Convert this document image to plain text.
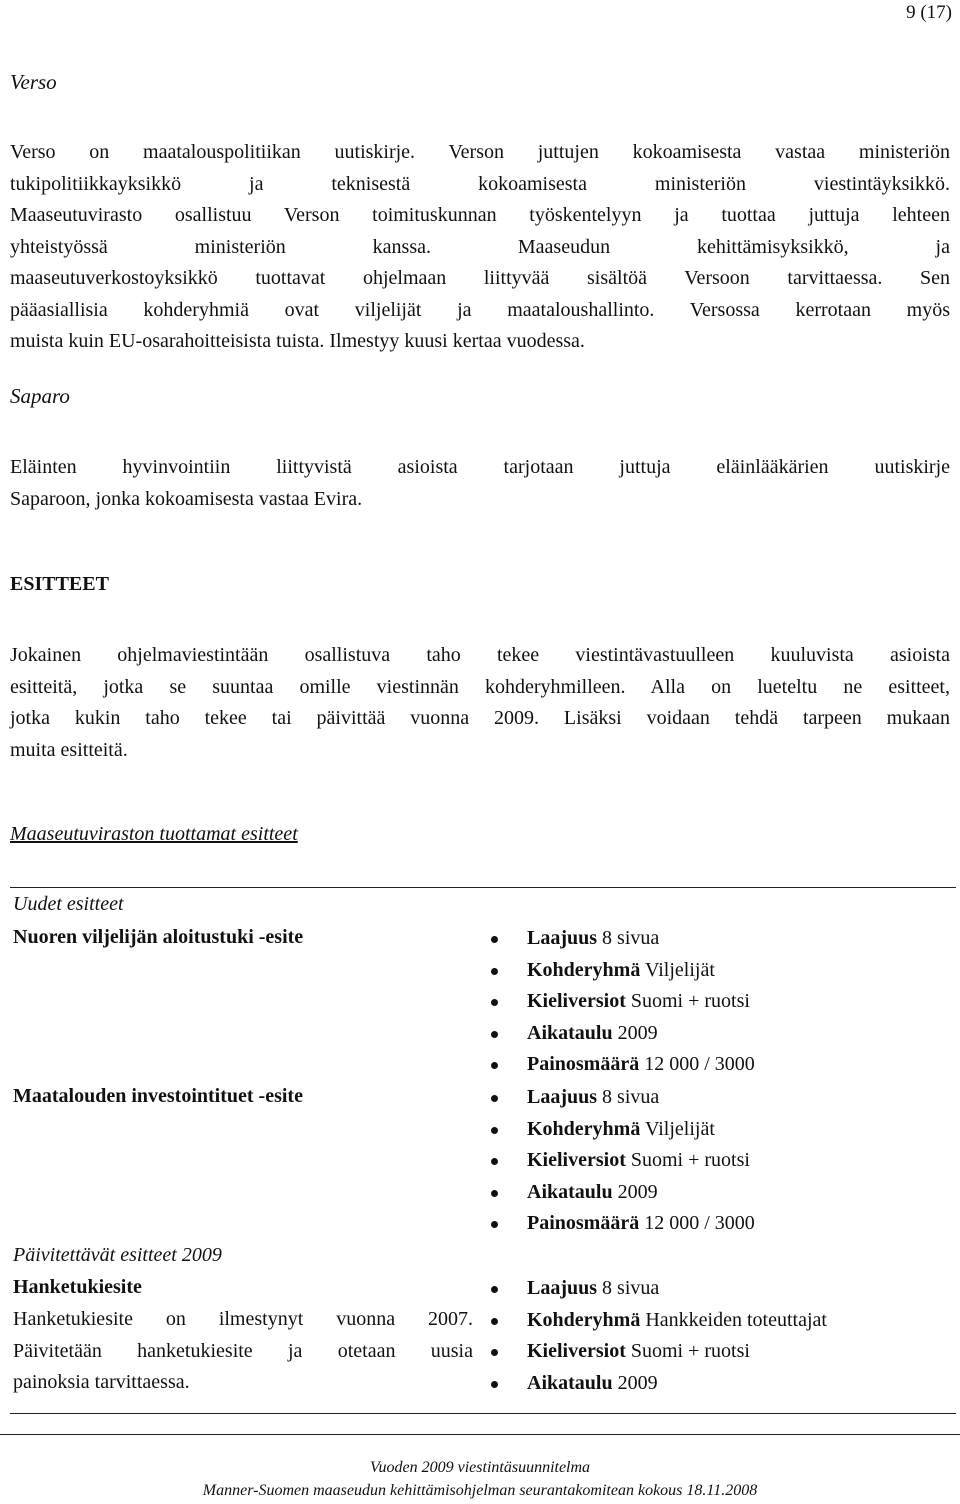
9 (17)
Verso
Verso on maatalouspolitiikan uutiskirje. Verson juttujen kokoamisesta vastaa ministeriön
tukipolitiikkayksikkö ja teknisestä kokoamisesta ministeriön viestintäyksikkö.
Maaseutuvirasto osallistuu Verson toimituskunnan työskentelyyn ja tuottaa juttuja lehteen
yhteistyössä ministeriön kanssa. Maaseudun kehittämisyksikkö, ja
maaseutuverkostoyksikkö tuottavat ohjelmaan liittyvää sisältöä Versoon tarvittaessa. Sen
pääasiallisia kohderyhmiä ovat viljelijät ja maataloushallinto. Versossa kerrotaan myös
muista kuin EU-osarahoitteisista tuista. Ilmestyy kuusi kertaa vuodessa.
Saparo
Eläinten hyvinvointiin liittyvistä asioista tarjotaan juttuja eläinlääkärien uutiskirje
Saparoon, jonka kokoamisesta vastaa Evira.
ESITTEET
Jokainen ohjelmaviestintään osallistuva taho tekee viestintävastuulleen kuuluvista asioista
esitteitä, jotka se suuntaa omille viestinnän kohderyhmilleen. Alla on lueteltu ne esitteet,
jotka kukin taho tekee tai päivittää vuonna 2009. Lisäksi voidaan tehdä tarpeen mukaan
muita esitteitä.
Maaseutuviraston tuottamat esitteet
Uudet esitteet
Nuoren viljelijän aloitustuki -esite	Laajuus 8 sivua
Kohderyhmä Viljelijät
Kieliversiot Suomi + ruotsi
Aikataulu 2009
Painosmäärä 12 000 / 3000
Maatalouden investointituet -esite	Laajuus 8 sivua
Kohderyhmä Viljelijät
Kieliversiot Suomi + ruotsi
Aikataulu 2009
Painosmäärä 12 000 / 3000
Päivitettävät esitteet 2009
Hanketukiesite
Hanketukiesite on ilmestynyt vuonna 2007.
Päivitetään hanketukiesite ja otetaan uusia
painoksia tarvittaessa.
Laajuus 8 sivua
Kohderyhmä Hankkeiden toteuttajat
Kieliversiot Suomi + ruotsi
Aikataulu 2009
Vuoden 2009 viestintäsuunnitelma
Manner-Suomen maaseudun kehittämisohjelman seurantakomitean kokous 18.11.2008
